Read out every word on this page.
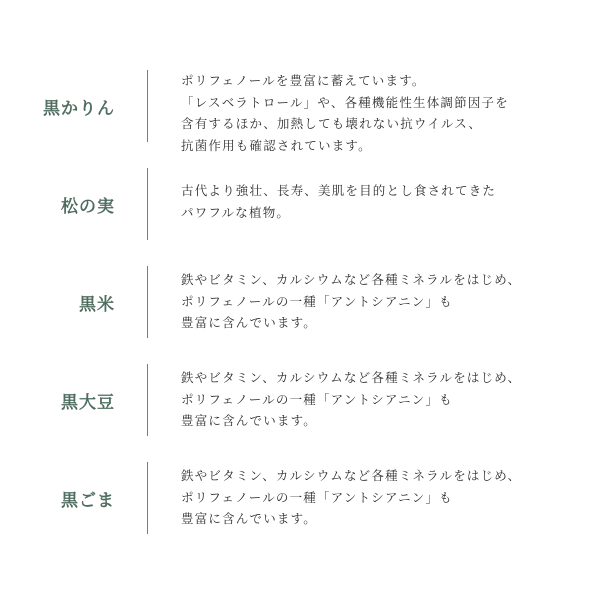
黒かりん
ポリフェノールを豊富に蓄えています。
「レスベラトロール」や、各種機能性生体調節因子を
含有するほか、加熱しても壊れない抗ウイルス、
抗菌作用も確認されています。
松の実
古代より強壮、長寿、美肌を目的とし食されてきた
パワフルな植物。
黒米
鉄やビタミン、カルシウムなど各種ミネラルをはじめ、
ポリフェノールの一種「アントシアニン」も
豊富に含んでいます。
黒大豆
鉄やビタミン、カルシウムなど各種ミネラルをはじめ、
ポリフェノールの一種「アントシアニン」も
豊富に含んでいます。
黒ごま
鉄やビタミン、カルシウムなど各種ミネラルをはじめ、
ポリフェノールの一種「アントシアニン」も
豊富に含んでいます。
